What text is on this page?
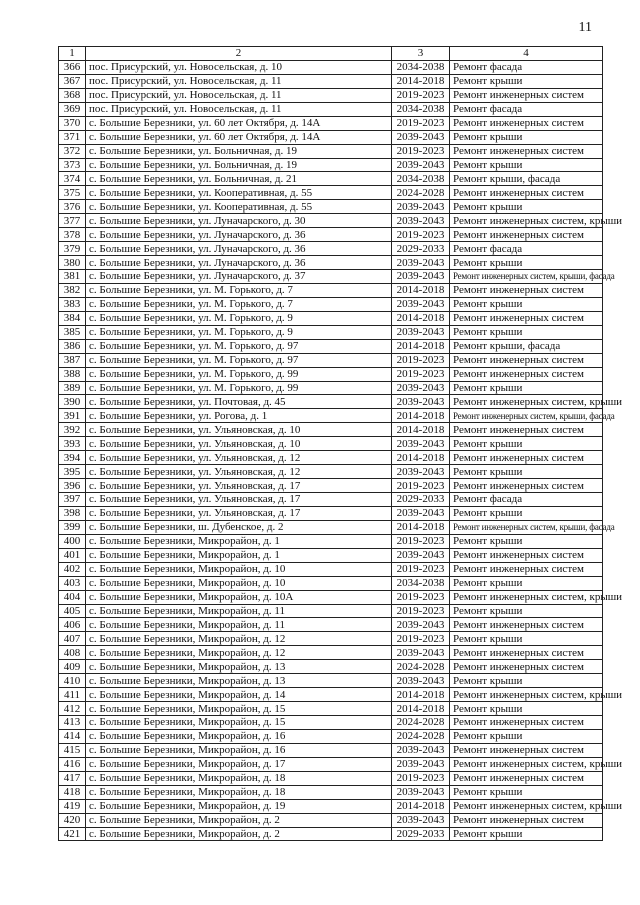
11
1	2	3	4
366	пос. Присурский, ул. Новосельская, д. 10	2034-2038	Ремонт фасада
367	пос. Присурский, ул. Новосельская, д. 11	2014-2018	Ремонт крыши
368	пос. Присурский, ул. Новосельская, д. 11	2019-2023	Ремонт инженерных систем
369	пос. Присурский, ул. Новосельская, д. 11	2034-2038	Ремонт фасада
370	с. Большие Березники, ул. 60 лет Октября, д. 14А	2019-2023	Ремонт инженерных систем
371	с. Большие Березники, ул. 60 лет Октября, д. 14А	2039-2043	Ремонт крыши
372	с. Большие Березники, ул. Больничная, д. 19	2019-2023	Ремонт инженерных систем
373	с. Большие Березники, ул. Больничная, д. 19	2039-2043	Ремонт крыши
374	с. Большие Березники, ул. Больничная, д. 21	2034-2038	Ремонт крыши, фасада
375	с. Большие Березники, ул. Кооперативная, д. 55	2024-2028	Ремонт инженерных систем
376	с. Большие Березники, ул. Кооперативная, д. 55	2039-2043	Ремонт крыши
377	с. Большие Березники, ул. Луначарского, д. 30	2039-2043	Ремонт инженерных систем, крыши
378	с. Большие Березники, ул. Луначарского, д. 36	2019-2023	Ремонт инженерных систем
379	с. Большие Березники, ул. Луначарского, д. 36	2029-2033	Ремонт фасада
380	с. Большие Березники, ул. Луначарского, д. 36	2039-2043	Ремонт крыши
381	с. Большие Березники, ул. Луначарского, д. 37	2039-2043	Ремонт инженерных систем, крыши, фасада
382	с. Большие Березники, ул. М. Горького, д. 7	2014-2018	Ремонт инженерных систем
383	с. Большие Березники, ул. М. Горького, д. 7	2039-2043	Ремонт крыши
384	с. Большие Березники, ул. М. Горького, д. 9	2014-2018	Ремонт инженерных систем
385	с. Большие Березники, ул. М. Горького, д. 9	2039-2043	Ремонт крыши
386	с. Большие Березники, ул. М. Горького, д. 97	2014-2018	Ремонт крыши, фасада
387	с. Большие Березники, ул. М. Горького, д. 97	2019-2023	Ремонт инженерных систем
388	с. Большие Березники, ул. М. Горького, д. 99	2019-2023	Ремонт инженерных систем
389	с. Большие Березники, ул. М. Горького, д. 99	2039-2043	Ремонт крыши
390	с. Большие Березники, ул. Почтовая, д. 45	2039-2043	Ремонт инженерных систем, крыши
391	с. Большие Березники, ул. Рогова, д. 1	2014-2018	Ремонт инженерных систем, крыши, фасада
392	с. Большие Березники, ул. Ульяновская, д. 10	2014-2018	Ремонт инженерных систем
393	с. Большие Березники, ул. Ульяновская, д. 10	2039-2043	Ремонт крыши
394	с. Большие Березники, ул. Ульяновская, д. 12	2014-2018	Ремонт инженерных систем
395	с. Большие Березники, ул. Ульяновская, д. 12	2039-2043	Ремонт крыши
396	с. Большие Березники, ул. Ульяновская, д. 17	2019-2023	Ремонт инженерных систем
397	с. Большие Березники, ул. Ульяновская, д. 17	2029-2033	Ремонт фасада
398	с. Большие Березники, ул. Ульяновская, д. 17	2039-2043	Ремонт крыши
399	с. Большие Березники, ш. Дубенское, д. 2	2014-2018	Ремонт инженерных систем, крыши, фасада
400	с. Большие Березники, Микрорайон, д. 1	2019-2023	Ремонт крыши
401	с. Большие Березники, Микрорайон, д. 1	2039-2043	Ремонт инженерных систем
402	с. Большие Березники, Микрорайон, д. 10	2019-2023	Ремонт инженерных систем
403	с. Большие Березники, Микрорайон, д. 10	2034-2038	Ремонт крыши
404	с. Большие Березники, Микрорайон, д. 10А	2019-2023	Ремонт инженерных систем, крыши
405	с. Большие Березники, Микрорайон, д. 11	2019-2023	Ремонт крыши
406	с. Большие Березники, Микрорайон, д. 11	2039-2043	Ремонт инженерных систем
407	с. Большие Березники, Микрорайон, д. 12	2019-2023	Ремонт крыши
408	с. Большие Березники, Микрорайон, д. 12	2039-2043	Ремонт инженерных систем
409	с. Большие Березники, Микрорайон, д. 13	2024-2028	Ремонт инженерных систем
410	с. Большие Березники, Микрорайон, д. 13	2039-2043	Ремонт крыши
411	с. Большие Березники, Микрорайон, д. 14	2014-2018	Ремонт инженерных систем, крыши
412	с. Большие Березники, Микрорайон, д. 15	2014-2018	Ремонт крыши
413	с. Большие Березники, Микрорайон, д. 15	2024-2028	Ремонт инженерных систем
414	с. Большие Березники, Микрорайон, д. 16	2024-2028	Ремонт крыши
415	с. Большие Березники, Микрорайон, д. 16	2039-2043	Ремонт инженерных систем
416	с. Большие Березники, Микрорайон, д. 17	2039-2043	Ремонт инженерных систем, крыши
417	с. Большие Березники, Микрорайон, д. 18	2019-2023	Ремонт инженерных систем
418	с. Большие Березники, Микрорайон, д. 18	2039-2043	Ремонт крыши
419	с. Большие Березники, Микрорайон, д. 19	2014-2018	Ремонт инженерных систем, крыши
420	с. Большие Березники, Микрорайон, д. 2	2039-2043	Ремонт инженерных систем
421	с. Большие Березники, Микрорайон, д. 2	2029-2033	Ремонт крыши
